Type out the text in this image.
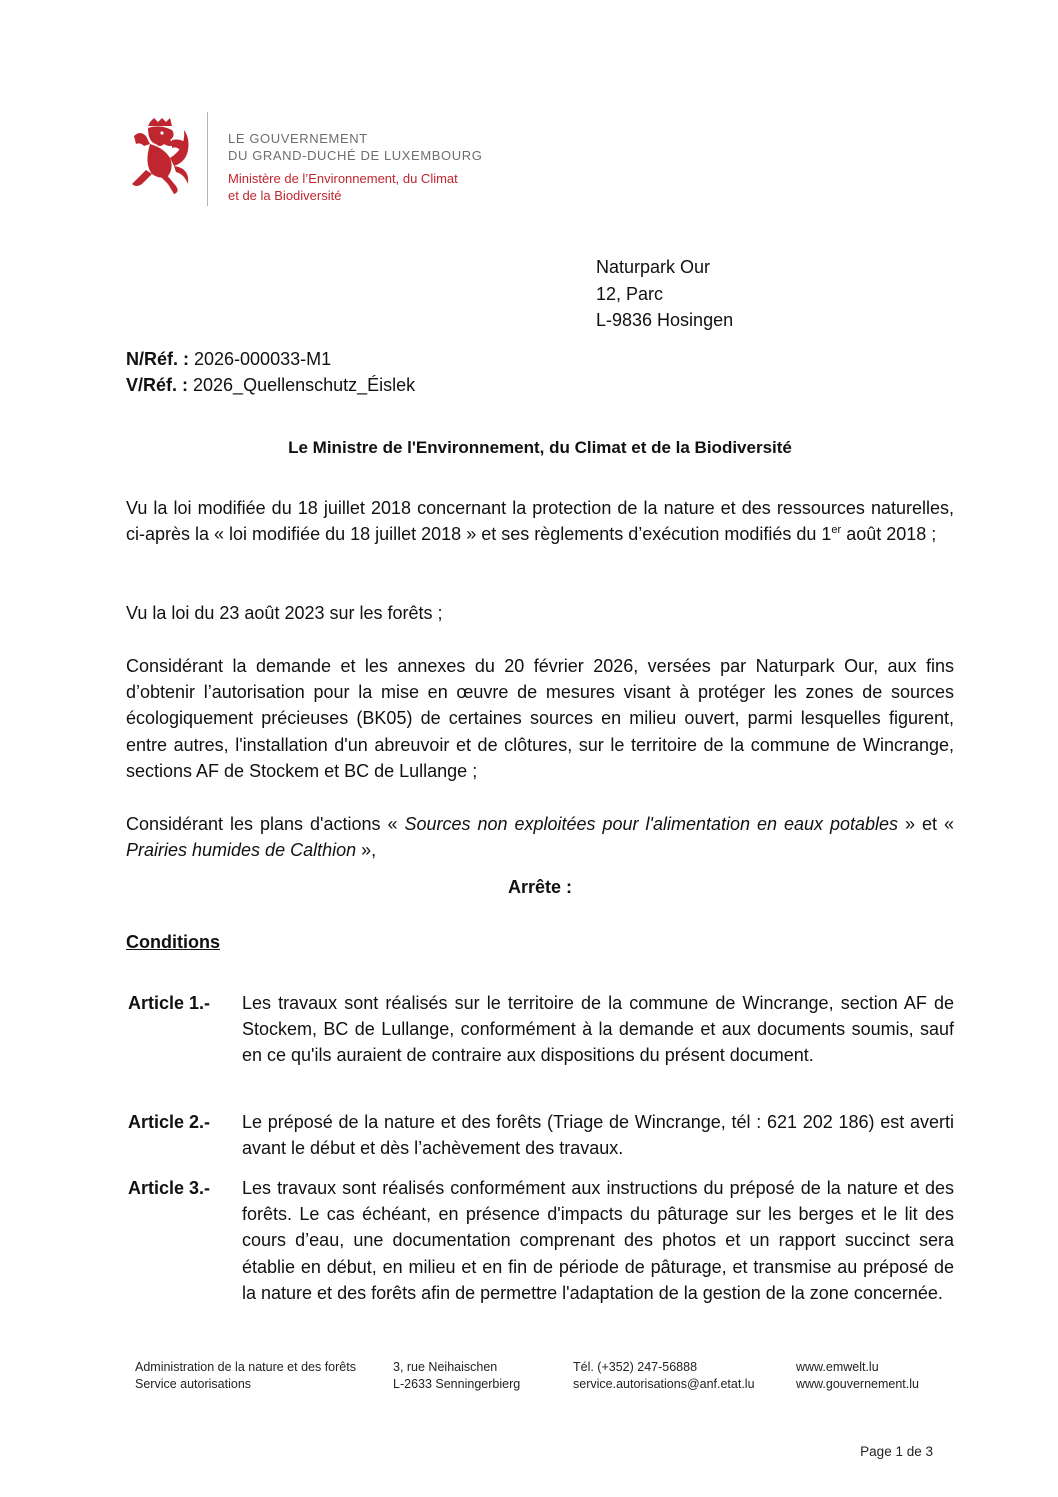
LE GOUVERNEMENT
DU GRAND-DUCHÉ DE LUXEMBOURG
Ministère de l’Environnement, du Climat
et de la Biodiversité
Naturpark Our
12, Parc
L-9836 Hosingen
N/Réf. : 2026-000033-M1
V/Réf. : 2026_Quellenschutz_Éislek
Le Ministre de l'Environnement, du Climat et de la Biodiversité
Vu la loi modifiée du 18 juillet 2018 concernant la protection de la nature et des ressources naturelles, ci-après la « loi modifiée du 18 juillet 2018 » et ses règlements d’exécution modifiés du 1er août 2018 ;
Vu la loi du 23 août 2023 sur les forêts ;
Considérant la demande et les annexes du 20 février 2026, versées par Naturpark Our, aux fins d’obtenir l’autorisation pour la mise en œuvre de mesures visant à protéger les zones de sources écologiquement précieuses (BK05) de certaines sources en milieu ouvert, parmi lesquelles figurent, entre autres, l'installation d'un abreuvoir et de clôtures, sur le territoire de la commune de Wincrange, sections AF de Stockem et BC de Lullange ;
Considérant les plans d'actions « Sources non exploitées pour l'alimentation en eaux potables » et « Prairies humides de Calthion »,
Arrête :
Conditions
Article 1.-	Les travaux sont réalisés sur le territoire de la commune de Wincrange, section AF de Stockem, BC de Lullange, conformément à la demande et aux documents soumis, sauf en ce qu'ils auraient de contraire aux dispositions du présent document.
Article 2.-	Le préposé de la nature et des forêts (Triage de Wincrange, tél : 621 202 186) est averti avant le début et dès l’achèvement des travaux.
Article 3.-	Les travaux sont réalisés conformément aux instructions du préposé de la nature et des forêts. Le cas échéant, en présence d'impacts du pâturage sur les berges et le lit des cours d’eau, une documentation comprenant des photos et un rapport succinct sera établie en début, en milieu et en fin de période de pâturage, et transmise au préposé de la nature et des forêts afin de permettre l'adaptation de la gestion de la zone concernée.
Administration de la nature et des forêts
Service autorisations
3, rue Neihaischen
L-2633 Senningerbierg
Tél. (+352) 247-56888
service.autorisations@anf.etat.lu
www.emwelt.lu
www.gouvernement.lu
Page 1 de 3
